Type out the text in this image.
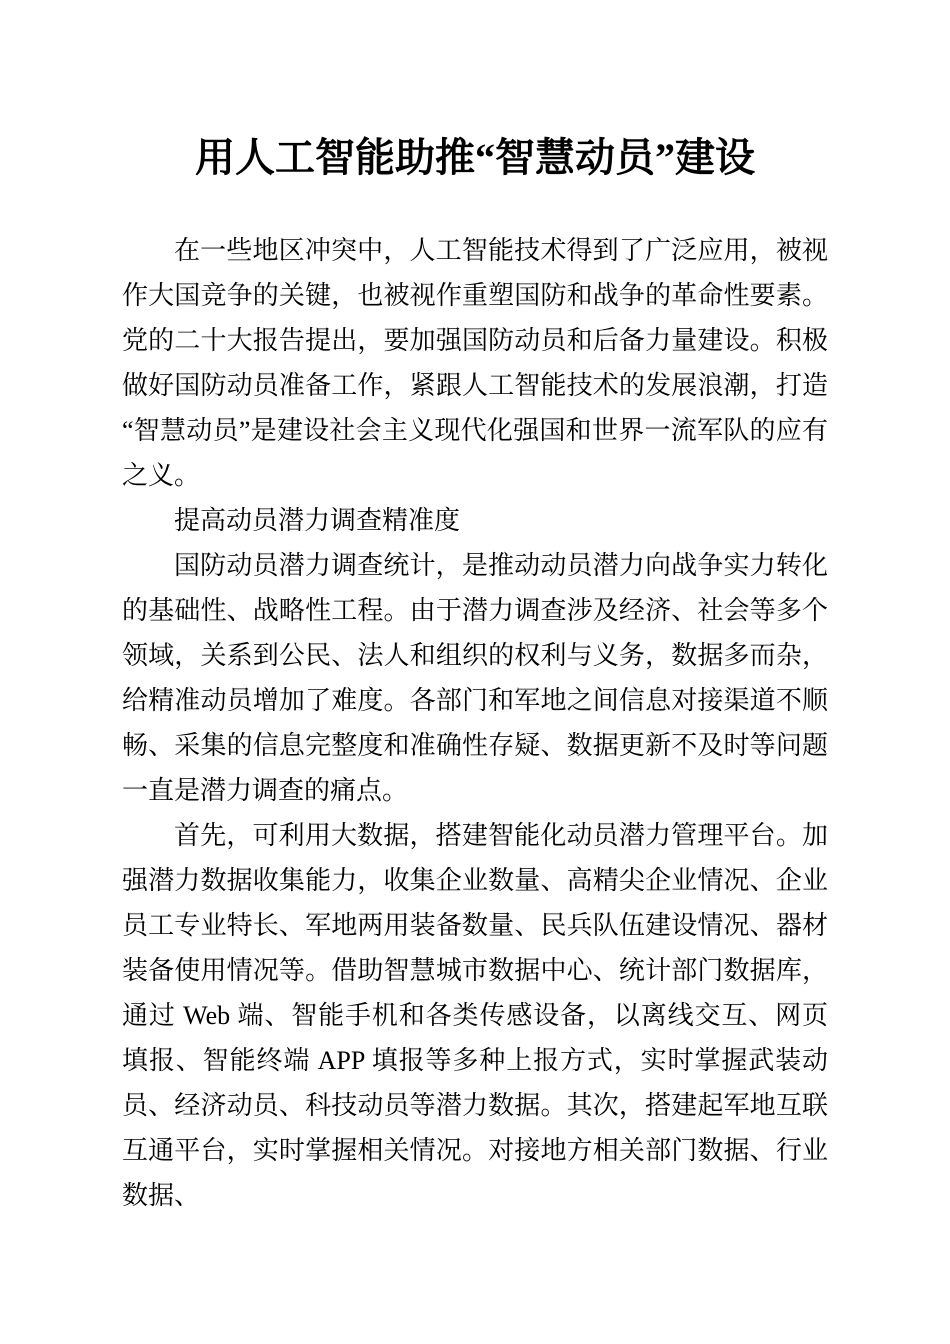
用人工智能助推“智慧动员”建设

在一些地区冲突中，人工智能技术得到了广泛应用，被视作大国竞争的关键，也被视作重塑国防和战争的革命性要素。党的二十大报告提出，要加强国防动员和后备力量建设。积极做好国防动员准备工作，紧跟人工智能技术的发展浪潮，打造“智慧动员”是建设社会主义现代化强国和世界一流军队的应有之义。

提高动员潜力调查精准度

国防动员潜力调查统计，是推动动员潜力向战争实力转化的基础性、战略性工程。由于潜力调查涉及经济、社会等多个领域，关系到公民、法人和组织的权利与义务，数据多而杂，给精准动员增加了难度。各部门和军地之间信息对接渠道不顺畅、采集的信息完整度和准确性存疑、数据更新不及时等问题一直是潜力调查的痛点。

首先，可利用大数据，搭建智能化动员潜力管理平台。加强潜力数据收集能力，收集企业数量、高精尖企业情况、企业员工专业特长、军地两用装备数量、民兵队伍建设情况、器材装备使用情况等。借助智慧城市数据中心、统计部门数据库，通过 Web 端、智能手机和各类传感设备，以离线交互、网页填报、智能终端 APP 填报等多种上报方式，实时掌握武装动员、经济动员、科技动员等潜力数据。其次，搭建起军地互联互通平台，实时掌握相关情况。对接地方相关部门数据、行业数据、
